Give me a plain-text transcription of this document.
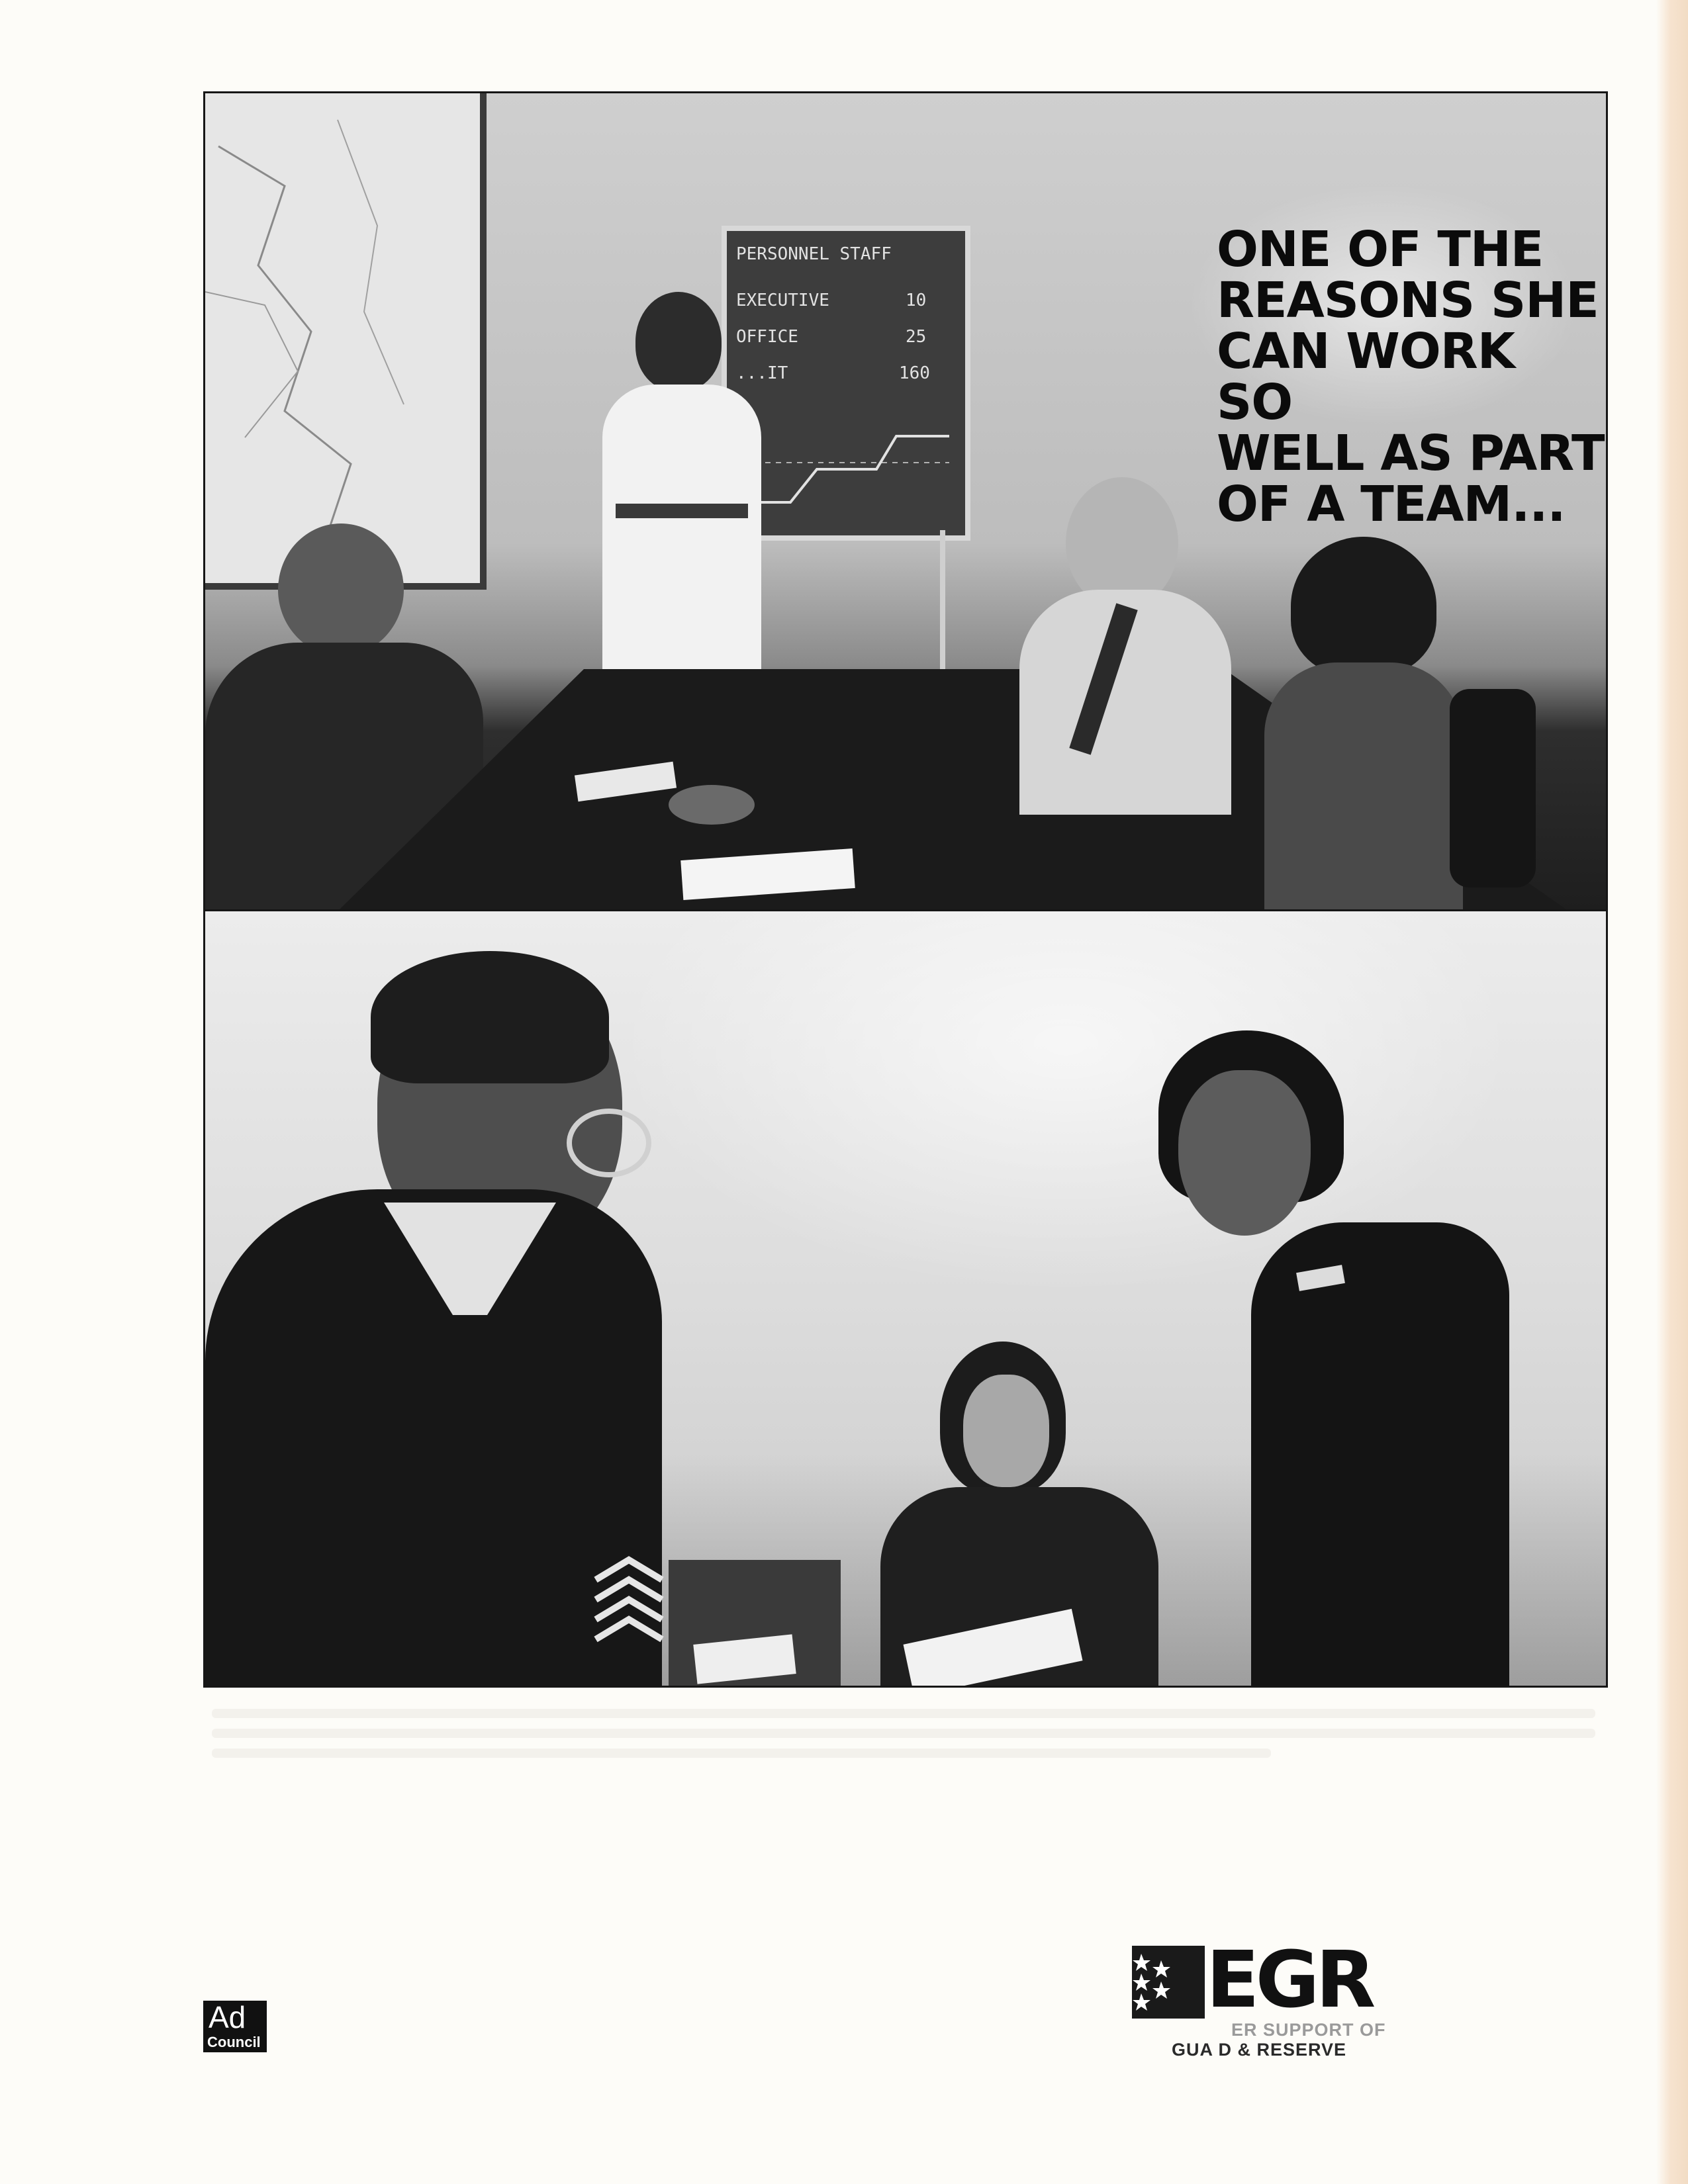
PERSONNEL STAFF
EXECUTIVE	10
OFFICE	25
...IT	160
ONE OF THE
REASONS SHE
CAN WORK SO
WELL AS PART
OF A TEAM...
Ad
Council
EGR
ER SUPPORT OF
GUA D & RESERVE
